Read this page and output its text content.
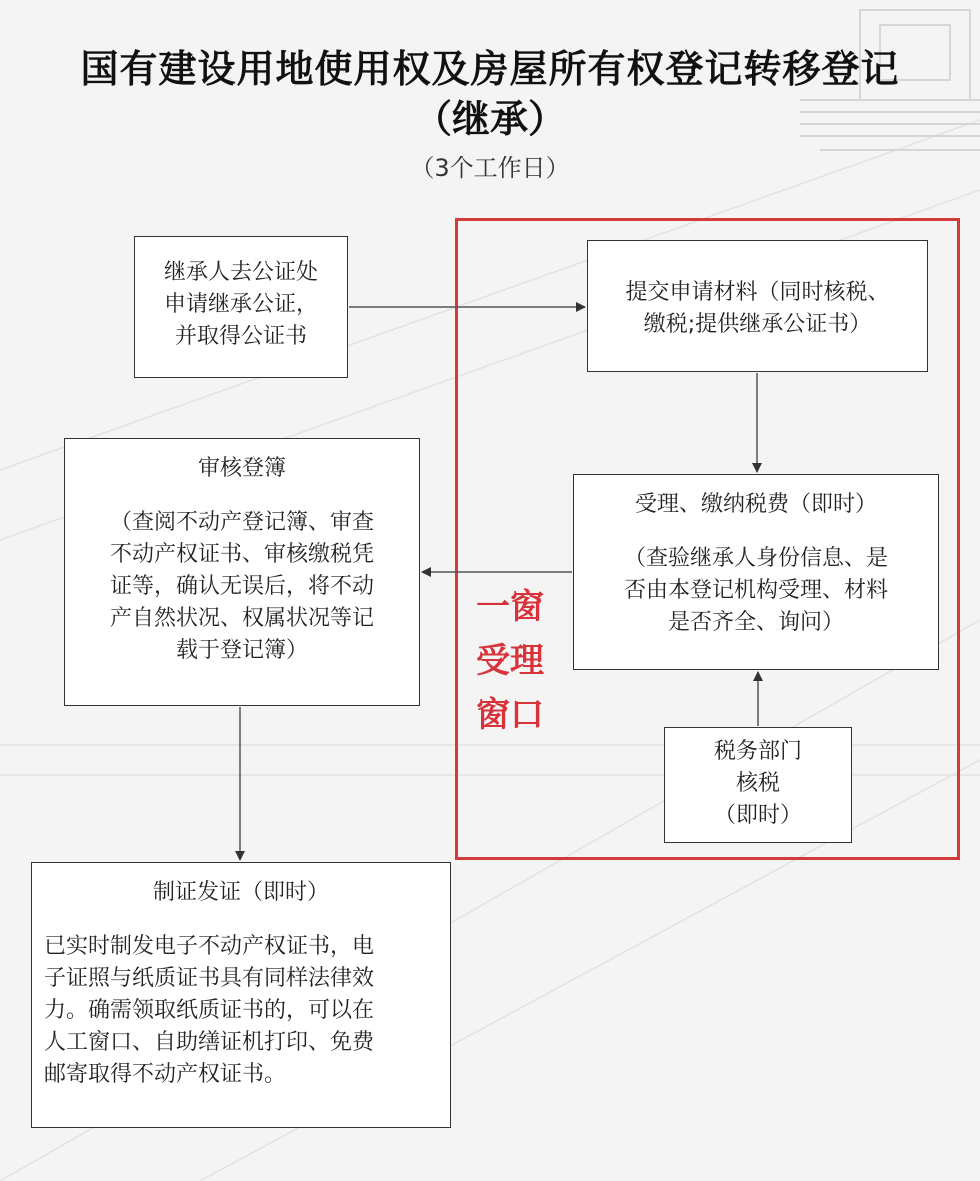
国有建设用地使用权及房屋所有权登记转移登记
（继承）
（3个工作日）
一窗 受理 窗口
继承人去公证处
申请继承公证，
并取得公证书
提交申请材料（同时核税、
缴税;提供继承公证书）
审核登簿
（查阅不动产登记簿、审查
不动产权证书、审核缴税凭
证等，确认无误后，将不动
产自然状况、权属状况等记
载于登记簿）
受理、缴纳税费（即时）
（查验继承人身份信息、是
否由本登记机构受理、材料
是否齐全、询问）
税务部门
核税
（即时）
制证发证（即时）
已实时制发电子不动产权证书，电
子证照与纸质证书具有同样法律效
力。确需领取纸质证书的，可以在
人工窗口、自助缮证机打印、免费
邮寄取得不动产权证书。
